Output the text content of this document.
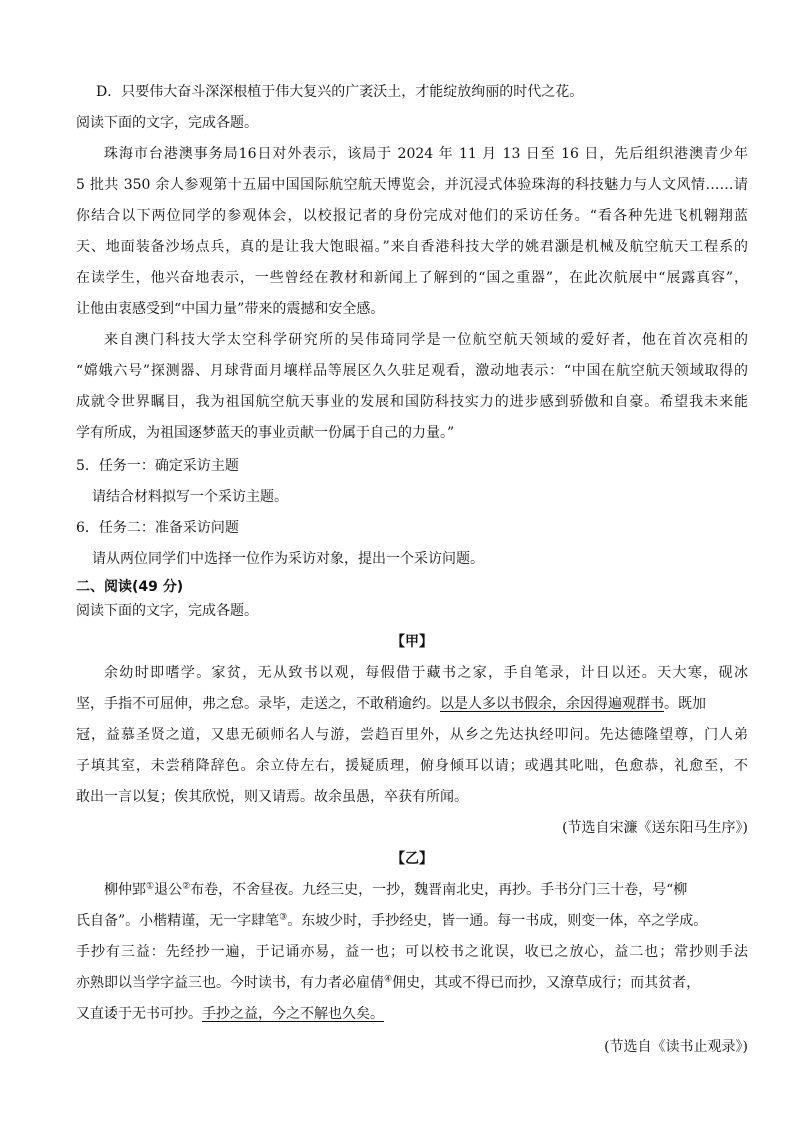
D．只要伟大奋斗深深根植于伟大复兴的广袤沃土，才能绽放绚丽的时代之花。

阅读下面的文字，完成各题。

珠海市台港澳事务局16日对外表示，该局于 2024 年 11 月 13 日至 16 日，先后组织港澳青少年

5 批共 350 余人参观第十五届中国国际航空航天博览会，并沉浸式体验珠海的科技魅力与人文风情……请

你结合以下两位同学的参观体会，以校报记者的身份完成对他们的采访任务。“看各种先进飞机翱翔蓝

天、地面装备沙场点兵，真的是让我大饱眼福。”来自香港科技大学的姚君灏是机械及航空航天工程系的

在读学生，他兴奋地表示，一些曾经在教材和新闻上了解到的“国之重器”，在此次航展中“展露真容”，

让他由衷感受到“中国力量”带来的震撼和安全感。

来自澳门科技大学太空科学研究所的吴伟琦同学是一位航空航天领域的爱好者，他在首次亮相的

“嫦娥六号”探测器、月球背面月壤样品等展区久久驻足观看，激动地表示：“中国在航空航天领域取得的

成就令世界瞩目，我为祖国航空航天事业的发展和国防科技实力的进步感到骄傲和自豪。希望我未来能

学有所成，为祖国逐梦蓝天的事业贡献一份属于自己的力量。”

5．任务一：确定采访主题

请结合材料拟写一个采访主题。

6．任务二：准备采访问题

请从两位同学们中选择一位作为采访对象，提出一个采访问题。

二、阅读(49 分)

阅读下面的文字，完成各题。

【甲】

余幼时即嗜学。家贫，无从致书以观，每假借于藏书之家，手自笔录，计日以还。天大寒，砚冰

坚，手指不可屈伸，弗之怠。录毕，走送之，不敢稍逾约。以是人多以书假余，余因得遍观群书。既加

冠，益慕圣贤之道，又患无硕师名人与游，尝趋百里外，从乡之先达执经叩问。先达德隆望尊，门人弟

子填其室，未尝稍降辞色。余立侍左右，援疑质理，俯身倾耳以请；或遇其叱咄，色愈恭，礼愈至，不

敢出一言以复；俟其欣悦，则又请焉。故余虽愚，卒获有所闻。

(节选自宋濂《送东阳马生序》)

【乙】

柳仲郢①退公②布卷，不舍昼夜。九经三史，一抄，魏晋南北史，再抄。手书分门三十卷，号“柳

氏自备”。小楷精谨，无一字肆笔③。东坡少时，手抄经史，皆一通。每一书成，则变一体，卒之学成。

手抄有三益：先经抄一遍，于记诵亦易，益一也；可以校书之讹误，收已之放心，益二也；常抄则手法

亦熟即以当学字益三也。今时读书，有力者必雇倩④佣史，其或不得已而抄，又潦草成行；而其贫者，

又直诿于无书可抄。手抄之益，今之不解也久矣。

(节选自《读书止观录》)
